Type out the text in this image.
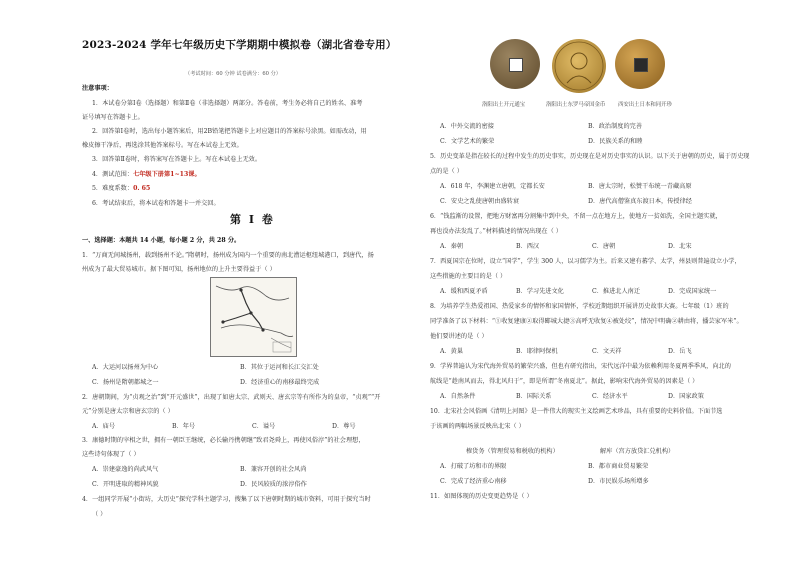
2023-2024 学年七年级历史下学期期中模拟卷（湖北省卷专用）
（考试时间：60 分钟 试卷满分：60 分）
注意事项：
1．本试卷分第Ⅰ卷（选择题）和第Ⅱ卷（非选择题）两部分。答卷前，考生务必将自己的姓名、准考
证号填写在答题卡上。
2．回答第Ⅰ卷时，选出每小题答案后，用2B铅笔把答题卡上对应题目的答案标号涂黑。如需改动，用
橡皮擦干净后，再选涂其他答案标号。写在本试卷上无效。
3．回答第Ⅱ卷时，将答案写在答题卡上。写在本试卷上无效。
4．测试范围：七年级下册第1~13课。
5．难度系数：0. 65
6．考试结束后，将本试卷和答题卡一并交回。
第 I 卷
一、选择题：本题共 14 小题，每小题 2 分，共 28 分。
1．“万商无间城扬州，载到扬州不论。”隋朝时，扬州成为国内一个重要的南北漕运枢纽城港口，到唐代，扬
州成为了最大贸易城市。据下图可知，扬州地位的上升主要得益于（ ）
A．大运河以扬州为中心	B．其位于运河和长江交汇处
C．扬州是隋朝都城之一	D．经济重心的南移最终完成
2．唐朝期间，为“贞观之治”到“开元盛世”，出现了如唐太宗、武则天、唐玄宗等有所作为的皇帝，“贞观”“开
元”分别是唐太宗和唐玄宗的（ ）
A．庙号	B．年号	C．谥号	D．尊号
3．康德时期的宰相之世，拥有一朝臣王继统，必长输丹携朝继”致君尧舜上，再使风俗淳”的社会理想，
这些诗句体现了（ ）
A．崇建豪逸的尚武风气	B．兼容开创的社会风尚
C．开明进取的精神风貌	D．民风较质的浓淳俗作
4．一组同学开展“小街坊，大历史”探究学科主题学习，搜集了以下唐朝时期的城市资料，可用于探究当时
（ ）
洛阳出土开元通宝	洛阳出土东罗马帝国金币 西安出土日本和同开珍
A．中外交流的密接	B．政治制度的完善
C．文学艺术的繁荣	D．民族关系的和睦
5．历史变革是指在较长的过程中发生的历史事实，历史现在是对历史事实的认识。以下关于唐朝的历史，属于历史现
点的是（ ）
A．618 年，李渊建立唐朝，定都长安	B．唐太宗时，松赞干布统一青藏高原
C．安史之乱使唐朝由盛转衰	D．唐代高僧鉴真东渡日本，传授律经
6．“钱监渐的设置，把地方财富再分割集中到中央，不留一点在地方上，使地方一贫如洗，全国主题实就，
再也没办法发乱了。”材料描述的情况出现在（ ）
A．秦朝	B．西汉	C．唐朝	D．北宋
7．西夏国宗在位时，设立“国学”，学生 300 人，以习儒学为主。后来又建有蕃学、太学，州县则普遍设立小学，
这些措施的主要目的是（ ）
A．缓和西夏矛盾	B．学习先进文化	C．推进北人南迁	D．完成国家统一
8．为培养学生热爱祖国、热爱家乡的情怀和家国情怀，学校近期组织开展讲历史故事大赛。七年级（1）班的
同学准备了以下材料：“①收复建康②取得郾城大捷③高呼无收复④被处绞”，情况中明确②耕由将，播芸家军米”。
他们要讲述的是（ ）
A．黄巢	B．耶律阿保机	C．文天祥	D．岳飞
9．学界普遍认为宋代海外贸易的繁荣兴盛，但也有研究指出，宋代远洋中最为依赖利用冬夏两季季风，向北的
航线是“趁南风而去，得北风归于”，即是所谓“冬南夏北”。据此，影响宋代海外贸易的因素是（ ）
A．自然条件	B．国际关系	C．经济水平	D．国家政策
10．北宋社会风俗画《清明上河图》是一件伟大的现实主义绘画艺术珍品，具有重要的史料价值。下面节选
于该画的两幅场景反映出北宋（ ）
榷货务（管理贸易和税收的机构）	解库（宫方放贷汇兑机构）
A．打破了坊和市的界限	B．都市商业贸易繁荣
C．完成了经济重心南移	D．市民娱乐场所增多
11．如图体现的历史变更趋势是（ ）
